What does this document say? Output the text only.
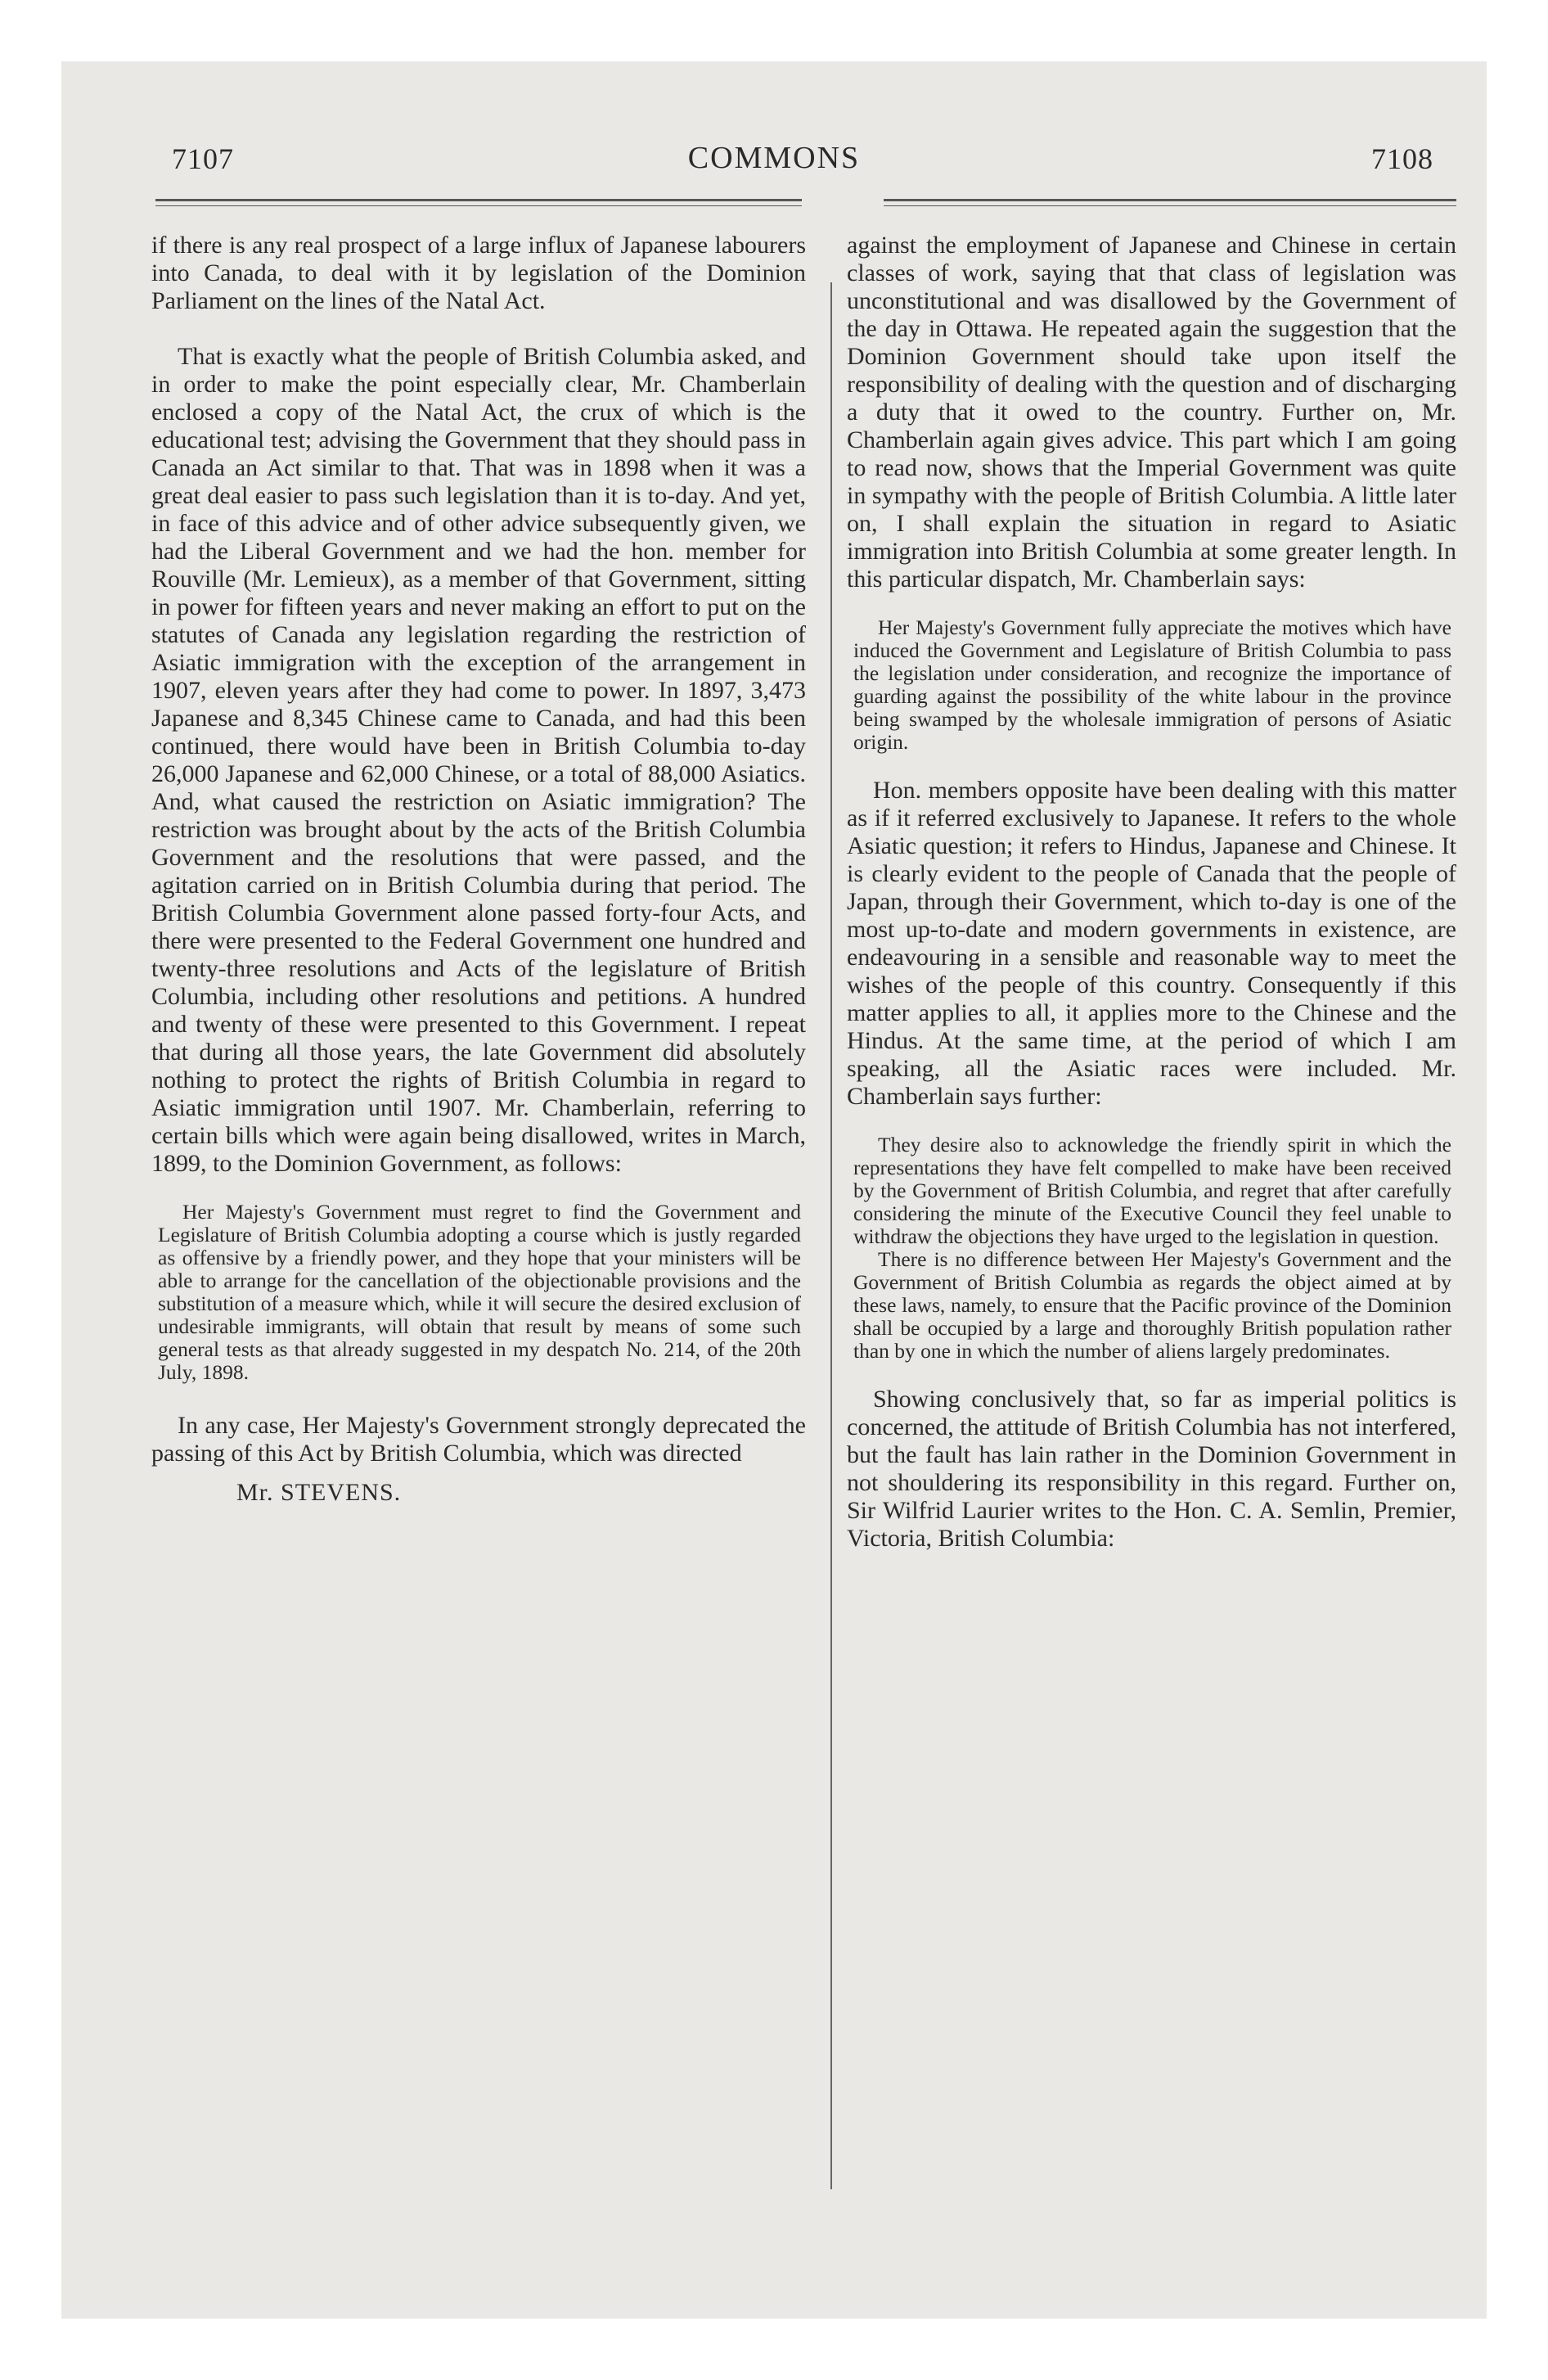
7107	COMMONS	7108

if there is any real prospect of a large influx of Japanese labourers into Canada, to deal with it by legislation of the Dominion Parliament on the lines of the Natal Act.

That is exactly what the people of British Columbia asked, and in order to make the point especially clear, Mr. Chamberlain enclosed a copy of the Natal Act, the crux of which is the educational test; advising the Government that they should pass in Canada an Act similar to that. That was in 1898 when it was a great deal easier to pass such legislation than it is to-day. And yet, in face of this advice and of other advice subsequently given, we had the Liberal Government and we had the hon. member for Rouville (Mr. Lemieux), as a member of that Government, sitting in power for fifteen years and never making an effort to put on the statutes of Canada any legislation regarding the restriction of Asiatic immigration with the exception of the arrangement in 1907, eleven years after they had come to power. In 1897, 3,473 Japanese and 8,345 Chinese came to Canada, and had this been continued, there would have been in British Columbia to-day 26,000 Japanese and 62,000 Chinese, or a total of 88,000 Asiatics. And, what caused the restriction on Asiatic immigration? The restriction was brought about by the acts of the British Columbia Government and the resolutions that were passed, and the agitation carried on in British Columbia during that period. The British Columbia Government alone passed forty-four Acts, and there were presented to the Federal Government one hundred and twenty-three resolutions and Acts of the legislature of British Columbia, including other resolutions and petitions. A hundred and twenty of these were presented to this Government. I repeat that during all those years, the late Government did absolutely nothing to protect the rights of British Columbia in regard to Asiatic immigration until 1907. Mr. Chamberlain, referring to certain bills which were again being disallowed, writes in March, 1899, to the Dominion Government, as follows:

Her Majesty's Government must regret to find the Government and Legislature of British Columbia adopting a course which is justly regarded as offensive by a friendly power, and they hope that your ministers will be able to arrange for the cancellation of the objectionable provisions and the substitution of a measure which, while it will secure the desired exclusion of undesirable immigrants, will obtain that result by means of some such general tests as that already suggested in my despatch No. 214, of the 20th July, 1898.

In any case, Her Majesty's Government strongly deprecated the passing of this Act by British Columbia, which was directed

Mr. STEVENS.

against the employment of Japanese and Chinese in certain classes of work, saying that that class of legislation was unconstitutional and was disallowed by the Government of the day in Ottawa. He repeated again the suggestion that the Dominion Government should take upon itself the responsibility of dealing with the question and of discharging a duty that it owed to the country. Further on, Mr. Chamberlain again gives advice. This part which I am going to read now, shows that the Imperial Government was quite in sympathy with the people of British Columbia. A little later on, I shall explain the situation in regard to Asiatic immigration into British Columbia at some greater length. In this particular dispatch, Mr. Chamberlain says:

Her Majesty's Government fully appreciate the motives which have induced the Government and Legislature of British Columbia to pass the legislation under consideration, and recognize the importance of guarding against the possibility of the white labour in the province being swamped by the wholesale immigration of persons of Asiatic origin.

Hon. members opposite have been dealing with this matter as if it referred exclusively to Japanese. It refers to the whole Asiatic question; it refers to Hindus, Japanese and Chinese. It is clearly evident to the people of Canada that the people of Japan, through their Government, which to-day is one of the most up-to-date and modern governments in existence, are endeavouring in a sensible and reasonable way to meet the wishes of the people of this country. Consequently if this matter applies to all, it applies more to the Chinese and the Hindus. At the same time, at the period of which I am speaking, all the Asiatic races were included. Mr. Chamberlain says further:

They desire also to acknowledge the friendly spirit in which the representations they have felt compelled to make have been received by the Government of British Columbia, and regret that after carefully considering the minute of the Executive Council they feel unable to withdraw the objections they have urged to the legislation in question.

There is no difference between Her Majesty's Government and the Government of British Columbia as regards the object aimed at by these laws, namely, to ensure that the Pacific province of the Dominion shall be occupied by a large and thoroughly British population rather than by one in which the number of aliens largely predominates.

Showing conclusively that, so far as imperial politics is concerned, the attitude of British Columbia has not interfered, but the fault has lain rather in the Dominion Government in not shouldering its responsibility in this regard. Further on, Sir Wilfrid Laurier writes to the Hon. C. A. Semlin, Premier, Victoria, British Columbia:
